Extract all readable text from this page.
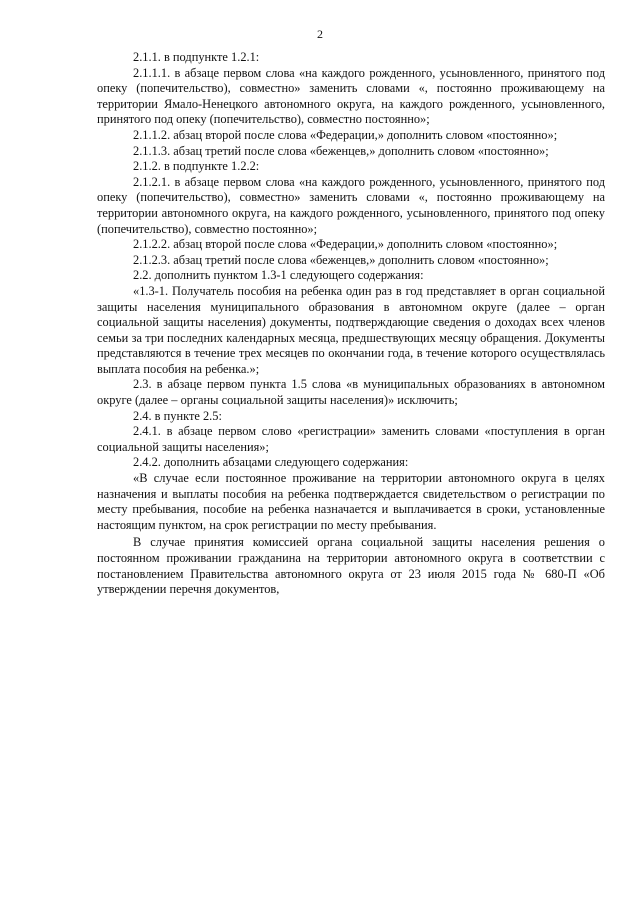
2

2.1.1. в подпункте 1.2.1:

2.1.1.1. в абзаце первом слова «на каждого рожденного, усыновленного, принятого под опеку (попечительство), совместно» заменить словами «, постоянно проживающему на территории Ямало-Ненецкого автономного округа, на каждого рожденного, усыновленного, принятого под опеку (попечительство), совместно постоянно»;

2.1.1.2. абзац второй после слова «Федерации,» дополнить словом «постоянно»;

2.1.1.3. абзац третий после слова «беженцев,» дополнить словом «постоянно»;

2.1.2. в подпункте 1.2.2:

2.1.2.1. в абзаце первом слова «на каждого рожденного, усыновленного, принятого под опеку (попечительство), совместно» заменить словами «, постоянно проживающему на территории автономного округа, на каждого рожденного, усыновленного, принятого под опеку (попечительство), совместно постоянно»;

2.1.2.2. абзац второй после слова «Федерации,» дополнить словом «постоянно»;

2.1.2.3. абзац третий после слова «беженцев,» дополнить словом «постоянно»;

2.2. дополнить пунктом 1.3-1 следующего содержания:

«1.3-1. Получатель пособия на ребенка один раз в год представляет в орган социальной защиты населения муниципального образования в автономном округе (далее – орган социальной защиты населения) документы, подтверждающие сведения о доходах всех членов семьи за три последних календарных месяца, предшествующих месяцу обращения. Документы представляются в течение трех месяцев по окончании года, в течение которого осуществлялась выплата пособия на ребенка.»;

2.3. в абзаце первом пункта 1.5 слова «в муниципальных образованиях в автономном округе (далее – органы социальной защиты населения)» исключить;

2.4. в пункте 2.5:

2.4.1. в абзаце первом слово «регистрации» заменить словами «поступления в орган социальной защиты населения»;

2.4.2. дополнить абзацами следующего содержания:

«В случае если постоянное проживание на территории автономного округа в целях назначения и выплаты пособия на ребенка подтверждается свидетельством о регистрации по месту пребывания, пособие на ребенка назначается и выплачивается в сроки, установленные настоящим пунктом, на срок регистрации по месту пребывания.

В случае принятия комиссией органа социальной защиты населения решения о постоянном проживании гражданина на территории автономного округа в соответствии с постановлением Правительства автономного округа от 23 июля 2015 года № 680-П «Об утверждении перечня документов,
